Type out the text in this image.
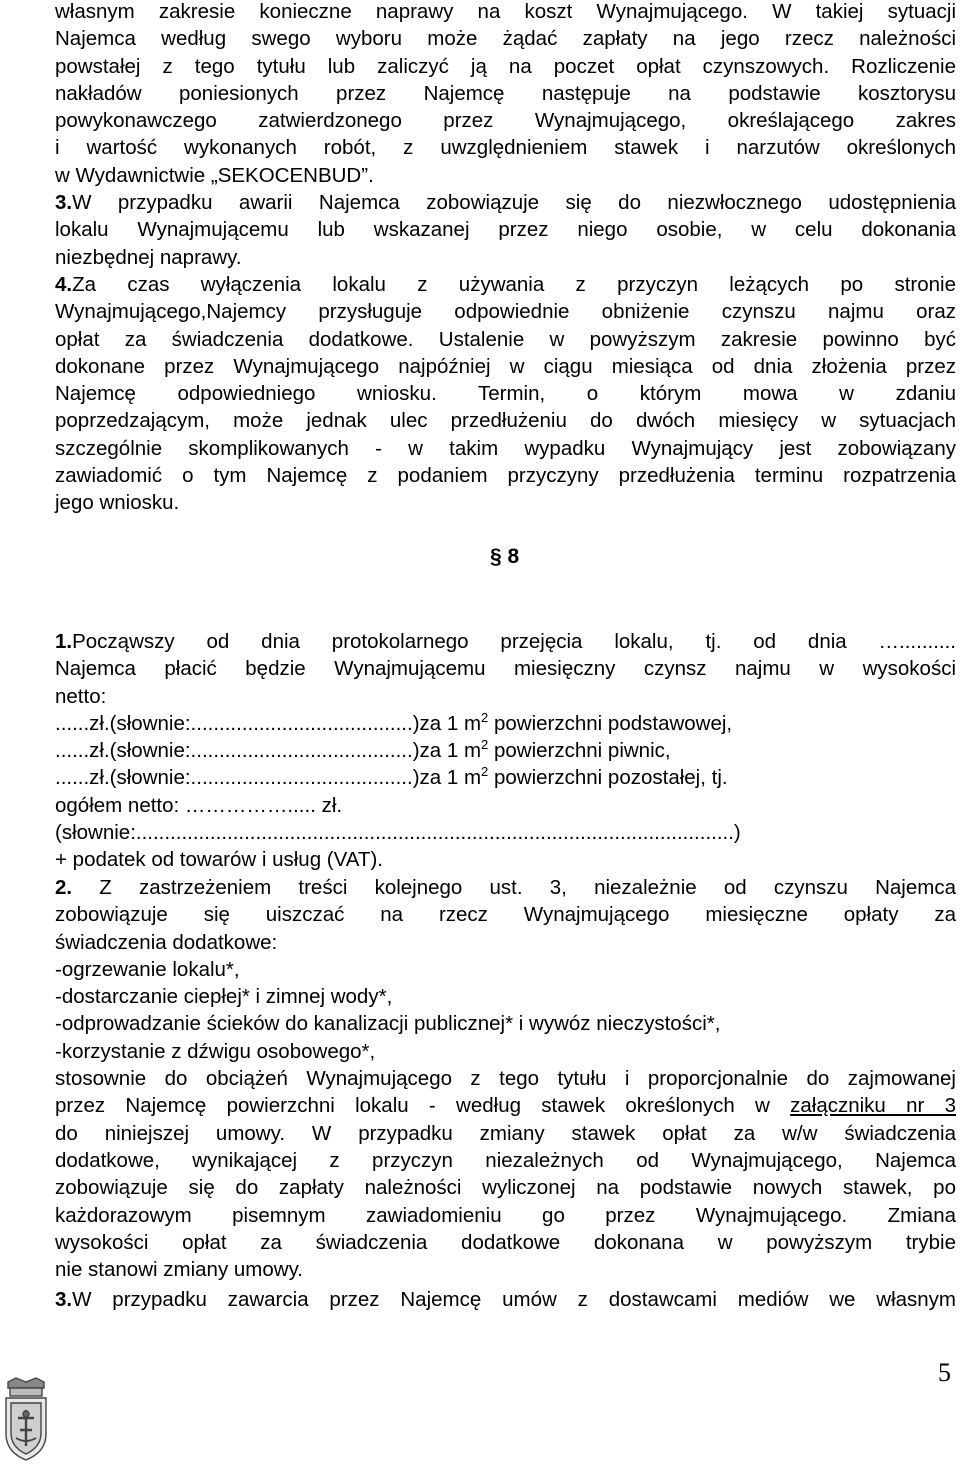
własnym zakresie konieczne naprawy na koszt Wynajmującego. W takiej sytuacji
Najemca według swego wyboru może żądać zapłaty na jego rzecz należności
powstałej z tego tytułu lub zaliczyć ją na poczet opłat czynszowych. Rozliczenie
nakładów poniesionych przez Najemcę następuje na podstawie kosztorysu
powykonawczego zatwierdzonego przez Wynajmującego, określającego zakres
i wartość wykonanych robót, z uwzględnieniem stawek i narzutów określonych
w Wydawnictwie „SEKOCENBUD”.
3.W przypadku awarii Najemca zobowiązuje się do niezwłocznego udostępnienia
lokalu Wynajmującemu lub wskazanej przez niego osobie, w celu dokonania
niezbędnej naprawy.
4.Za czas wyłączenia lokalu z używania z przyczyn leżących po stronie
Wynajmującego,Najemcy przysługuje odpowiednie obniżenie czynszu najmu oraz
opłat za świadczenia dodatkowe. Ustalenie w powyższym zakresie powinno być
dokonane przez Wynajmującego najpóźniej w ciągu miesiąca od dnia złożenia przez
Najemcę odpowiedniego wniosku. Termin, o którym mowa w zdaniu
poprzedzającym, może jednak ulec przedłużeniu do dwóch miesięcy w sytuacjach
szczególnie skomplikowanych - w takim wypadku Wynajmujący jest zobowiązany
zawiadomić o tym Najemcę z podaniem przyczyny przedłużenia terminu rozpatrzenia
jego wniosku.
1.Począwszy od dnia protokolarnego przejęcia lokalu, tj. od dnia …..........
Najemca płacić będzie Wynajmującemu miesięczny czynsz najmu w wysokości
netto:
......zł.(słownie:.......................................)za 1 $m^2$ powierzchni podstawowej,
......zł.(słownie:.......................................)za 1 $m^2$ powierzchni piwnic,
......zł.(słownie:.......................................)za 1 $m^2$ powierzchni pozostałej, tj.
ogółem netto: ……………..... zł.
(słownie:.........................................................................................................)
+ podatek od towarów i usług (VAT).
2. Z zastrzeżeniem treści kolejnego ust. 3, niezależnie od czynszu Najemca
zobowiązuje się uiszczać na rzecz Wynajmującego miesięczne opłaty za
świadczenia dodatkowe:
-ogrzewanie lokalu*,
-dostarczanie ciepłej* i zimnej wody*,
-odprowadzanie ścieków do kanalizacji publicznej* i wywóz nieczystości*,
-korzystanie z dźwigu osobowego*,
stosownie do obciążeń Wynajmującego z tego tytułu i proporcjonalnie do zajmowanej
przez Najemcę powierzchni lokalu - według stawek określonych w załączniku nr 3
do niniejszej umowy. W przypadku zmiany stawek opłat za w/w świadczenia
dodatkowe, wynikającej z przyczyn niezależnych od Wynajmującego, Najemca
zobowiązuje się do zapłaty należności wyliczonej na podstawie nowych stawek, po
każdorazowym pisemnym zawiadomieniu go przez Wynajmującego. Zmiana
wysokości opłat za świadczenia dodatkowe dokonana w powyższym trybie
nie stanowi zmiany umowy.
3.W przypadku zawarcia przez Najemcę umów z dostawcami mediów we własnym
§ 8
5
